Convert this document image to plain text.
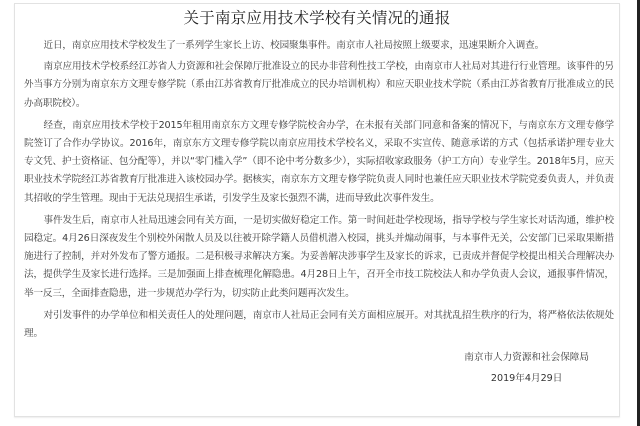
关于南京应用技术学校有关情况的通报

近日，南京应用技术学校发生了一系列学生家长上访、校园聚集事件。南京市人社局按照上级要求，迅速果断介入调查。

南京应用技术学校系经江苏省人力资源和社会保障厅批准设立的民办非营利性技工学校，由南京市人社局对其进行行业管理。该事件的另外当事方分别为南京东方文理专修学院（系由江苏省教育厅批准成立的民办培训机构）和应天职业技术学院（系由江苏省教育厅批准成立的民办高职院校）。

经查，南京应用技术学校于2015年租用南京东方文理专修学院校舍办学，在未报有关部门同意和备案的情况下，与南京东方文理专修学院签订了合作办学协议。2016年，南京东方文理专修学院以南京应用技术学校名义，采取不实宣传、随意承诺的方式（包括承诺护理专业大专文凭、护士资格证、包分配等），并以“零门槛入学”（即不论中考分数多少），实际招收家政服务（护工方向）专业学生。2018年5月，应天职业技术学院经江苏省教育厅批准进入该校园办学。据核实，南京东方文理专修学院负责人同时也兼任应天职业技术学院党委负责人，并负责其招收的学生管理。现由于无法兑现招生承诺，引发学生及家长强烈不满，进而导致此次事件发生。

事件发生后，南京市人社局迅速会同有关方面，一是切实做好稳定工作。第一时间赶赴学校现场，指导学校与学生家长对话沟通，维护校园稳定。4月26日深夜发生个别校外闲散人员及以往被开除学籍人员借机潜入校园，挑头并煽动闹事，与本事件无关，公安部门已采取果断措施进行了控制，并对外发布了警方通报。二是积极寻求解决方案。为妥善解决涉事学生及家长的诉求，已责成并督促学校提出相关合理解决办法，提供学生及家长进行选择。三是加强面上排查梳理化解隐患。4月28日上午，召开全市技工院校法人和办学负责人会议，通报事件情况，举一反三，全面排查隐患，进一步规范办学行为，切实防止此类问题再次发生。

对引发事件的办学单位和相关责任人的处理问题，南京市人社局正会同有关方面相应展开。对其扰乱招生秩序的行为，将严格依法依规处理。

南京市人力资源和社会保障局
2019年4月29日
